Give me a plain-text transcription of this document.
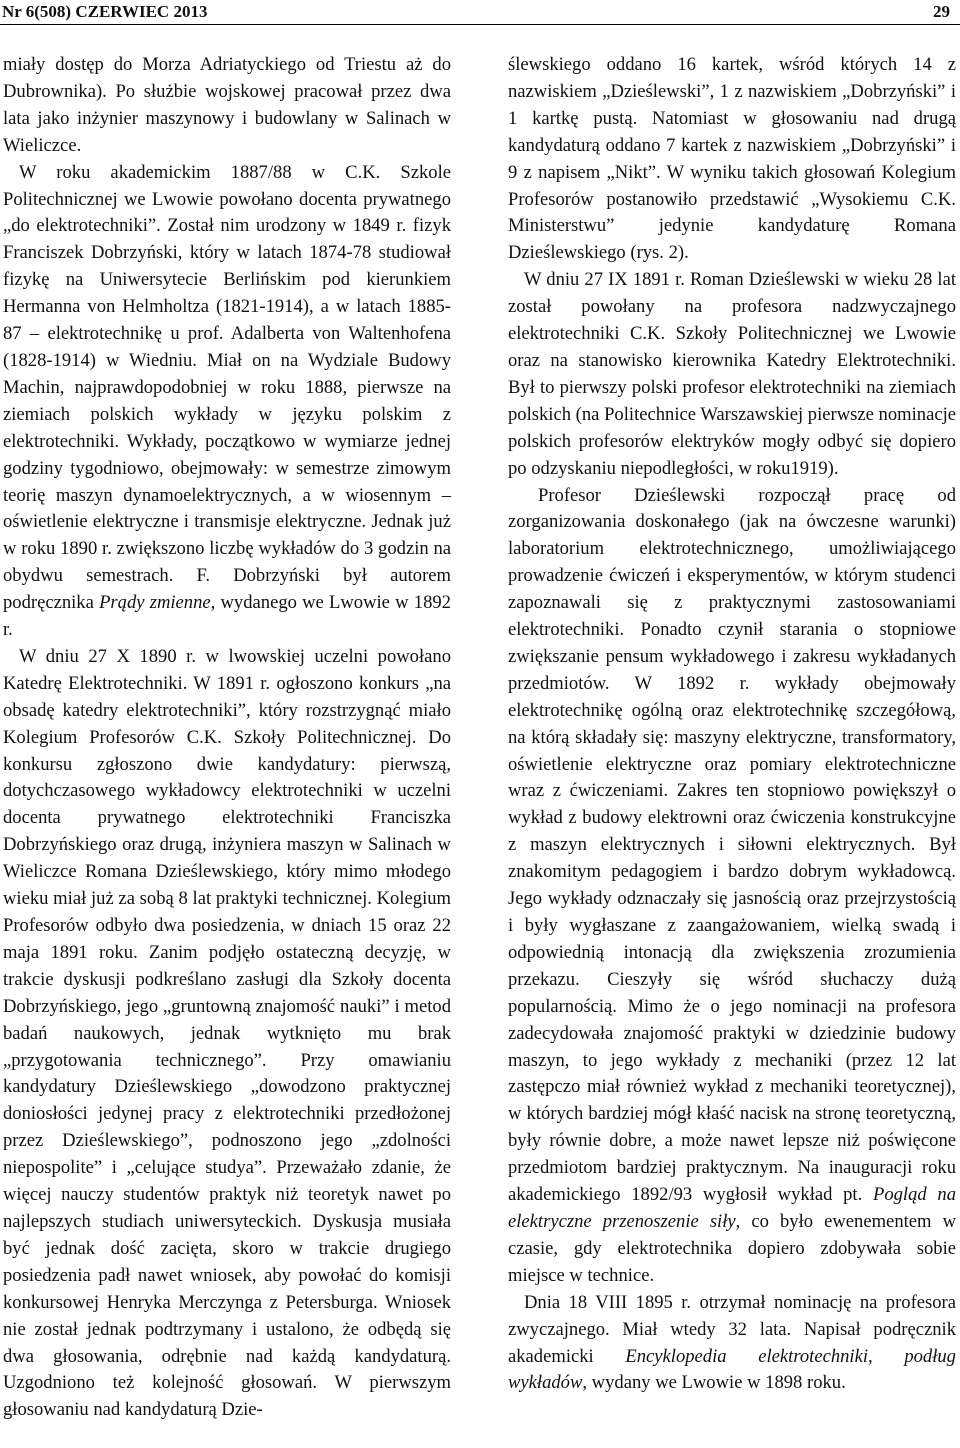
Nr 6(508) CZERWIEC 2013	29

miały dostęp do Morza Adriatyckiego od Triestu aż do Dubrownika). Po służbie wojskowej pracował przez dwa lata jako inżynier maszynowy i budowlany w Salinach w Wieliczce.

W roku akademickim 1887/88 w C.K. Szkole Politechnicznej we Lwowie powołano docenta prywatnego „do elektrotechniki”. Został nim urodzony w 1849 r. fizyk Franciszek Dobrzyński, który w latach 1874-78 studiował fizykę na Uniwersytecie Berlińskim pod kierunkiem Hermanna von Helmholtza (1821-1914), a w latach 1885-87 – elektrotechnikę u prof. Adalberta von Waltenhofena (1828-1914) w Wiedniu. Miał on na Wydziale Budowy Machin, najprawdopodobniej w roku 1888, pierwsze na ziemiach polskich wykłady w języku polskim z elektrotechniki. Wykłady, początkowo w wymiarze jednej godziny tygodniowo, obejmowały: w semestrze zimowym teorię maszyn dynamoelektrycznych, a w wiosennym – oświetlenie elektryczne i transmisje elektryczne. Jednak już w roku 1890 r. zwiększono liczbę wykładów do 3 godzin na obydwu semestrach. F. Dobrzyński był autorem podręcznika Prądy zmienne, wydanego we Lwowie w 1892 r.

W dniu 27 X 1890 r. w lwowskiej uczelni powołano Katedrę Elektrotechniki. W 1891 r. ogłoszono konkurs „na obsadę katedry elektrotechniki”, który rozstrzygnąć miało Kolegium Profesorów C.K. Szkoły Politechnicznej. Do konkursu zgłoszono dwie kandydatury: pierwszą, dotychczasowego wykładowcy elektrotechniki w uczelni docenta prywatnego elektrotechniki Franciszka Dobrzyńskiego oraz drugą, inżyniera maszyn w Salinach w Wieliczce Romana Dzieślewskiego, który mimo młodego wieku miał już za sobą 8 lat praktyki technicznej. Kolegium Profesorów odbyło dwa posiedzenia, w dniach 15 oraz 22 maja 1891 roku. Zanim podjęło ostateczną decyzję, w trakcie dyskusji podkreślano zasługi dla Szkoły docenta Dobrzyńskiego, jego „gruntowną znajomość nauki” i metod badań naukowych, jednak wytknięto mu brak „przygotowania technicznego”. Przy omawianiu kandydatury Dzieślewskiego „dowodzono praktycznej doniosłości jedynej pracy z elektrotechniki przedłożonej przez Dzieślewskiego”, podnoszono jego „zdolności niepospolite” i „celujące studya”. Przeważało zdanie, że więcej nauczy studentów praktyk niż teoretyk nawet po najlepszych studiach uniwersyteckich. Dyskusja musiała być jednak dość zacięta, skoro w trakcie drugiego posiedzenia padł nawet wniosek, aby powołać do komisji konkursowej Henryka Merczynga z Petersburga. Wniosek nie został jednak podtrzymany i ustalono, że odbędą się dwa głosowania, odrębnie nad każdą kandydaturą. Uzgodniono też kolejność głosowań. W pierwszym głosowaniu nad kandydaturą Dzie-

ślewskiego oddano 16 kartek, wśród których 14 z nazwiskiem „Dzieślewski”, 1 z nazwiskiem „Dobrzyński” i 1 kartkę pustą. Natomiast w głosowaniu nad drugą kandydaturą oddano 7 kartek z nazwiskiem „Dobrzyński” i 9 z napisem „Nikt”. W wyniku takich głosowań Kolegium Profesorów postanowiło przedstawić „Wysokiemu C.K. Ministerstwu” jedynie kandydaturę Romana Dzieślewskiego (rys. 2).

W dniu 27 IX 1891 r. Roman Dzieślewski w wieku 28 lat został powołany na profesora nadzwyczajnego elektrotechniki C.K. Szkoły Politechnicznej we Lwowie oraz na stanowisko kierownika Katedry Elektrotechniki. Był to pierwszy polski profesor elektrotechniki na ziemiach polskich (na Politechnice Warszawskiej pierwsze nominacje polskich profesorów elektryków mogły odbyć się dopiero po odzyskaniu niepodległości, w roku1919).

Profesor Dzieślewski rozpoczął pracę od zorganizowania doskonałego (jak na ówczesne warunki) laboratorium elektrotechnicznego, umożliwiającego prowadzenie ćwiczeń i eksperymentów, w którym studenci zapoznawali się z praktycznymi zastosowaniami elektrotechniki. Ponadto czynił starania o stopniowe zwiększanie pensum wykładowego i zakresu wykładanych przedmiotów. W 1892 r. wykłady obejmowały elektrotechnikę ogólną oraz elektrotechnikę szczegółową, na którą składały się: maszyny elektryczne, transformatory, oświetlenie elektryczne oraz pomiary elektrotechniczne wraz z ćwiczeniami. Zakres ten stopniowo powiększył o wykład z budowy elektrowni oraz ćwiczenia konstrukcyjne z maszyn elektrycznych i siłowni elektrycznych. Był znakomitym pedagogiem i bardzo dobrym wykładowcą. Jego wykłady odznaczały się jasnością oraz przejrzystością i były wygłaszane z zaangażowaniem, wielką swadą i odpowiednią intonacją dla zwiększenia zrozumienia przekazu. Cieszyły się wśród słuchaczy dużą popularnością. Mimo że o jego nominacji na profesora zadecydowała znajomość praktyki w dziedzinie budowy maszyn, to jego wykłady z mechaniki (przez 12 lat zastępczo miał również wykład z mechaniki teoretycznej), w których bardziej mógł kłaść nacisk na stronę teoretyczną, były równie dobre, a może nawet lepsze niż poświęcone przedmiotom bardziej praktycznym. Na inauguracji roku akademickiego 1892/93 wygłosił wykład pt. Pogląd na elektryczne przenoszenie siły, co było ewenementem w czasie, gdy elektrotechnika dopiero zdobywała sobie miejsce w technice.

Dnia 18 VIII 1895 r. otrzymał nominację na profesora zwyczajnego. Miał wtedy 32 lata. Napisał podręcznik akademicki Encyklopedia elektrotechniki, podług wykładów, wydany we Lwowie w 1898 roku.
